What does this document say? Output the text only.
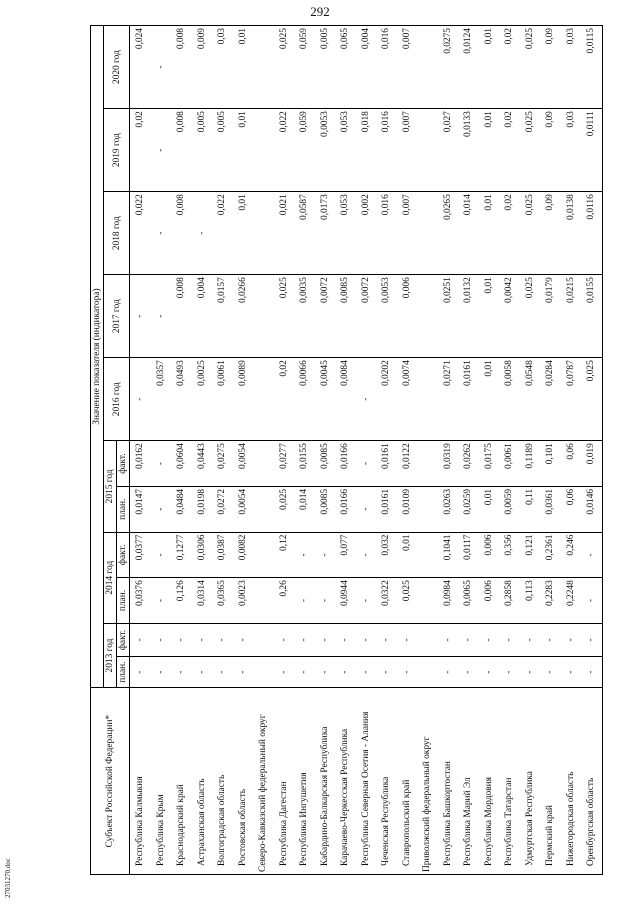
292
27031270.doc
Субъект Российской Федерации*	Значение показателя (индикатора)										
	2013 год		2014 год		2015 год		2016 год	2017 год	2018 год	2019 год	2020 год
	план.	факт.	план.	факт.	план.	факт.					
Республика Калмыкия	-	-	0,0376	0,0377	0,0147	0,0162	-	-	0,022	0,02	0,024
Республика Крым	-	-	-	-	-	-	0,0357	-	-	-	-
Краснодарский край	-	-	0,126	0,1277	0,0484	0,0604	0,0493	0,008	0,008	0,008	0,008
Астраханская область	-	-	0,0314	0,0306	0,0198	0,0443	0,0025	0,004	-	0,005	0,009
Волгоградская область	-	-	0,0365	0,0387	0,0272	0,0275	0,0061	0,0157	0,022	0,005	0,03
Ростовская область	-	-	0,0023	0,0082	0,0054	0,0054	0,0089	0,0266	0,01	0,01	0,01
Северо-Кавказский федеральный округ											
Республика Дагестан	-	-	0,26	0,12	0,025	0,0277	0,02	0,025	0,021	0,022	0,025
Республика Ингушетия	-	-	-	-	0,014	0,0155	0,0066	0,0035	0,0587	0,059	0,059
Кабардино-Балкарская Республика	-	-	-	-	0,0085	0,0085	0,0045	0,0072	0,0173	0,0053	0,005
Карачаево-Черкесская Республика	-	-	0,0944	0,077	0,0166	0,0166	0,0084	0,0085	0,053	0,053	0,065
Республика Северная Осетия - Алания	-	-	-	-	-	-	-	0,0072	0,002	0,018	0,004
Чеченская Республика	-	-	0,0322	0,032	0,0161	0,0161	0,0202	0,0053	0,016	0,016	0,016
Ставропольский край	-	-	0,025	0,01	0,0109	0,0122	0,0074	0,006	0,007	0,007	0,007
Приволжский федеральный округ											
Республика Башкортостан	-	-	0,0984	0,1041	0,0263	0,0319	0,0271	0,0251	0,0265	0,027	0,0275
Республика Марий Эл	-	-	0,0065	0,0117	0,0259	0,0262	0,0161	0,0132	0,014	0,0133	0,0124
Республика Мордовия	-	-	0,006	0,006	0,01	0,0175	0,01	0,01	0,01	0,01	0,01
Республика Татарстан	-	-	0,2858	0,356	0,0059	0,0061	0,0058	0,0042	0,02	0,02	0,02
Удмуртская Республика	-	-	0,113	0,121	0,11	0,1189	0,0548	0,025	0,025	0,025	0,025
Пермский край	-	-	0,2283	0,2361	0,0361	0,101	0,0284	0,0179	0,09	0,09	0,09
Нижегородская область	-	-	0,2248	0,246	0,06	0,06	0,0787	0,0215	0,0138	0,03	0,03
Оренбургская область	-	-	-	-	0,0146	0,019	0,025	0,0155	0,0116	0,0111	0,0115
